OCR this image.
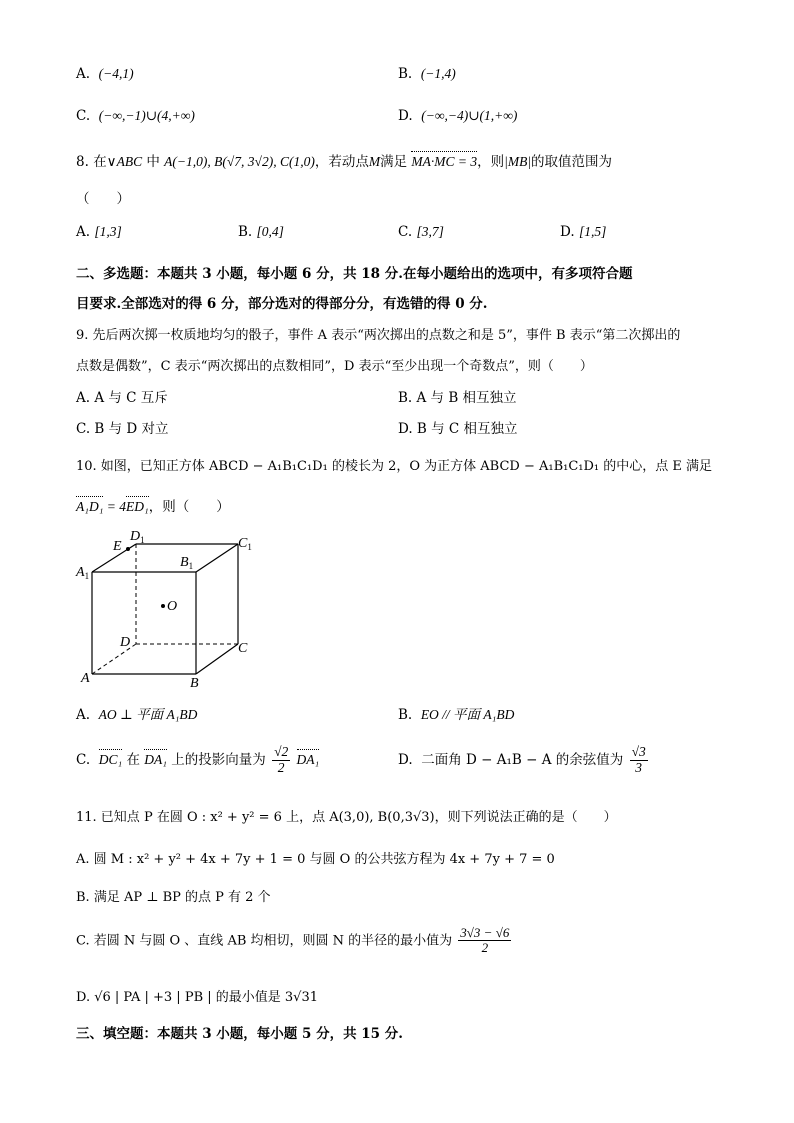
A. (−4,1)	B. (−1,4)
C. (−∞,−1)∪(4,+∞)	D. (−∞,−4)∪(1,+∞)
8. 在∨ABC 中 A(−1,0), B(√7, 3√2), C(1,0)，若动点M满足 MA·MC = 3，则|MB|的取值范围为
（　　）
A. [1,3]	B. [0,4]	C. [3,7]	D. [1,5]
二、多选题：本题共 3 小题，每小题 6 分，共 18 分.在每小题给出的选项中，有多项符合题
目要求.全部选对的得 6 分，部分选对的得部分分，有选错的得 0 分.
9. 先后两次掷一枚质地均匀的骰子，事件 A 表示“两次掷出的点数之和是 5”，事件 B 表示“第二次掷出的
点数是偶数”，C 表示“两次掷出的点数相同”，D 表示“至少出现一个奇数点”，则（　　）
A. A 与 C 互斥	B. A 与 B 相互独立
C. B 与 D 对立	D. B 与 C 相互独立
10. 如图，已知正方体 ABCD − A₁B₁C₁D₁ 的棱长为 2，O 为正方体 ABCD − A₁B₁C₁D₁ 的中心，点 E 满足
A₁D₁ = 4ED₁，则（　　）
$A_1$
E
$D_1$
$B_1$
$C_1$
O
D	C
A	B
A. AO ⊥ 平面 A₁BD	B. EO // 平面 A₁BD
C. DC₁ 在 DA₁ 上的投影向量为 $\frac{√2}{2} DA_1$	D. 二面角 D − A₁B − A 的余弦值为 $\frac{√3}{3}$
11. 已知点 P 在圆 O : x² + y² = 6 上，点 A(3,0), B(0,3√3)，则下列说法正确的是（　　）
A. 圆 M : x² + y² + 4x + 7y + 1 = 0 与圆 O 的公共弦方程为 4x + 7y + 7 = 0
B. 满足 AP ⊥ BP 的点 P 有 2 个
C. 若圆 N 与圆 O 、直线 AB 均相切，则圆 N 的半径的最小值为 $\frac{3√3 - √6}{2}$
D. √6 | PA | +3 | PB | 的最小值是 3√31
三、填空题：本题共 3 小题，每小题 5 分，共 15 分.
